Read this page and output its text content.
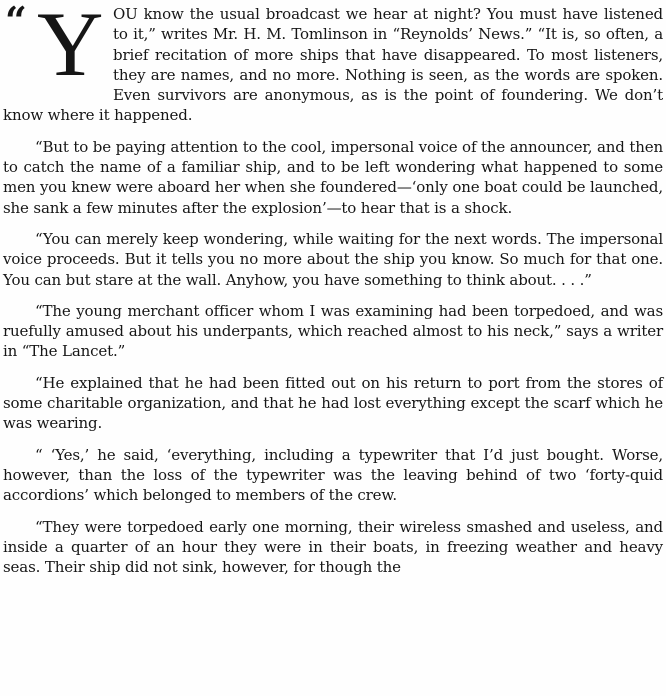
“ Y OU know the usual broadcast we hear at night? You must have listened to it,” writes Mr. H. M. Tomlinson in “Reynolds’ News.” “It is, so often, a brief recitation of more ships that have disappeared. To most listeners, they are names, and no more. Nothing is seen, as the words are spoken. Even survivors are anonymous, as is the point of foundering. We don’t know where it happened.

“But to be paying attention to the cool, impersonal voice of the announcer, and then to catch the name of a familiar ship, and to be left wondering what happened to some men you knew were aboard her when she foundered—‘only one boat could be launched, she sank a few minutes after the explosion’—to hear that is a shock.

“You can merely keep wondering, while waiting for the next words. The impersonal voice proceeds. But it tells you no more about the ship you know. So much for that one. You can but stare at the wall. Anyhow, you have something to think about. . . .”

“The young merchant officer whom I was examining had been torpedoed, and was ruefully amused about his underpants, which reached almost to his neck,” says a writer in “The Lancet.”

“He explained that he had been fitted out on his return to port from the stores of some charitable organization, and that he had lost everything except the scarf which he was wearing.

“ ‘Yes,’ he said, ‘everything, including a typewriter that I’d just bought. Worse, however, than the loss of the typewriter was the leaving behind of two ‘forty-quid accordions’ which belonged to members of the crew.

“They were torpedoed early one morning, their wireless smashed and useless, and inside a quarter of an hour they were in their boats, in freezing weather and heavy seas. Their ship did not sink, however, for though the
